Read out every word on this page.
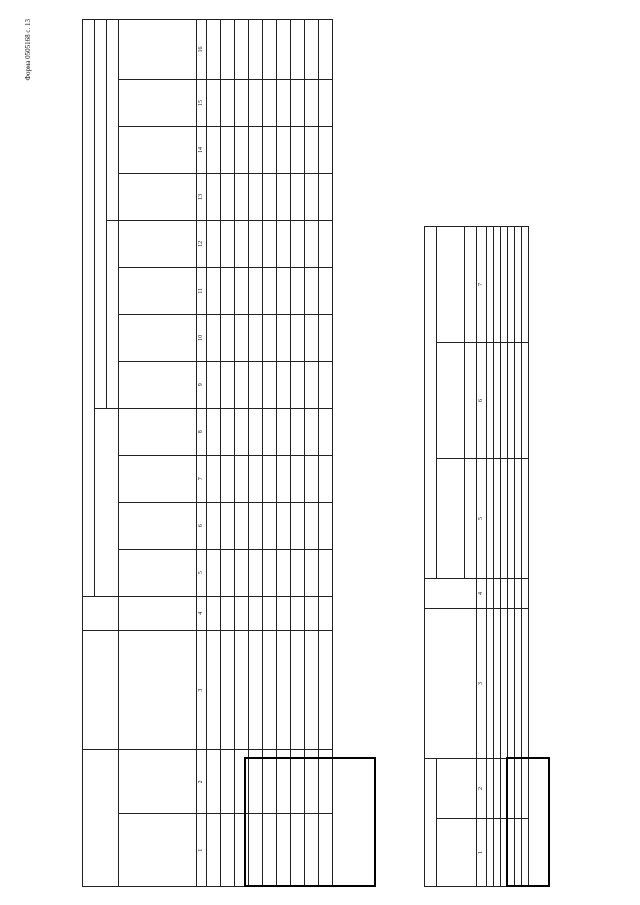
Форма 0505168 с. 13

1	2	3	4	5	6	7	8	9	10	11	12	13	14	15	16

1	2	3	4	5	6	7
